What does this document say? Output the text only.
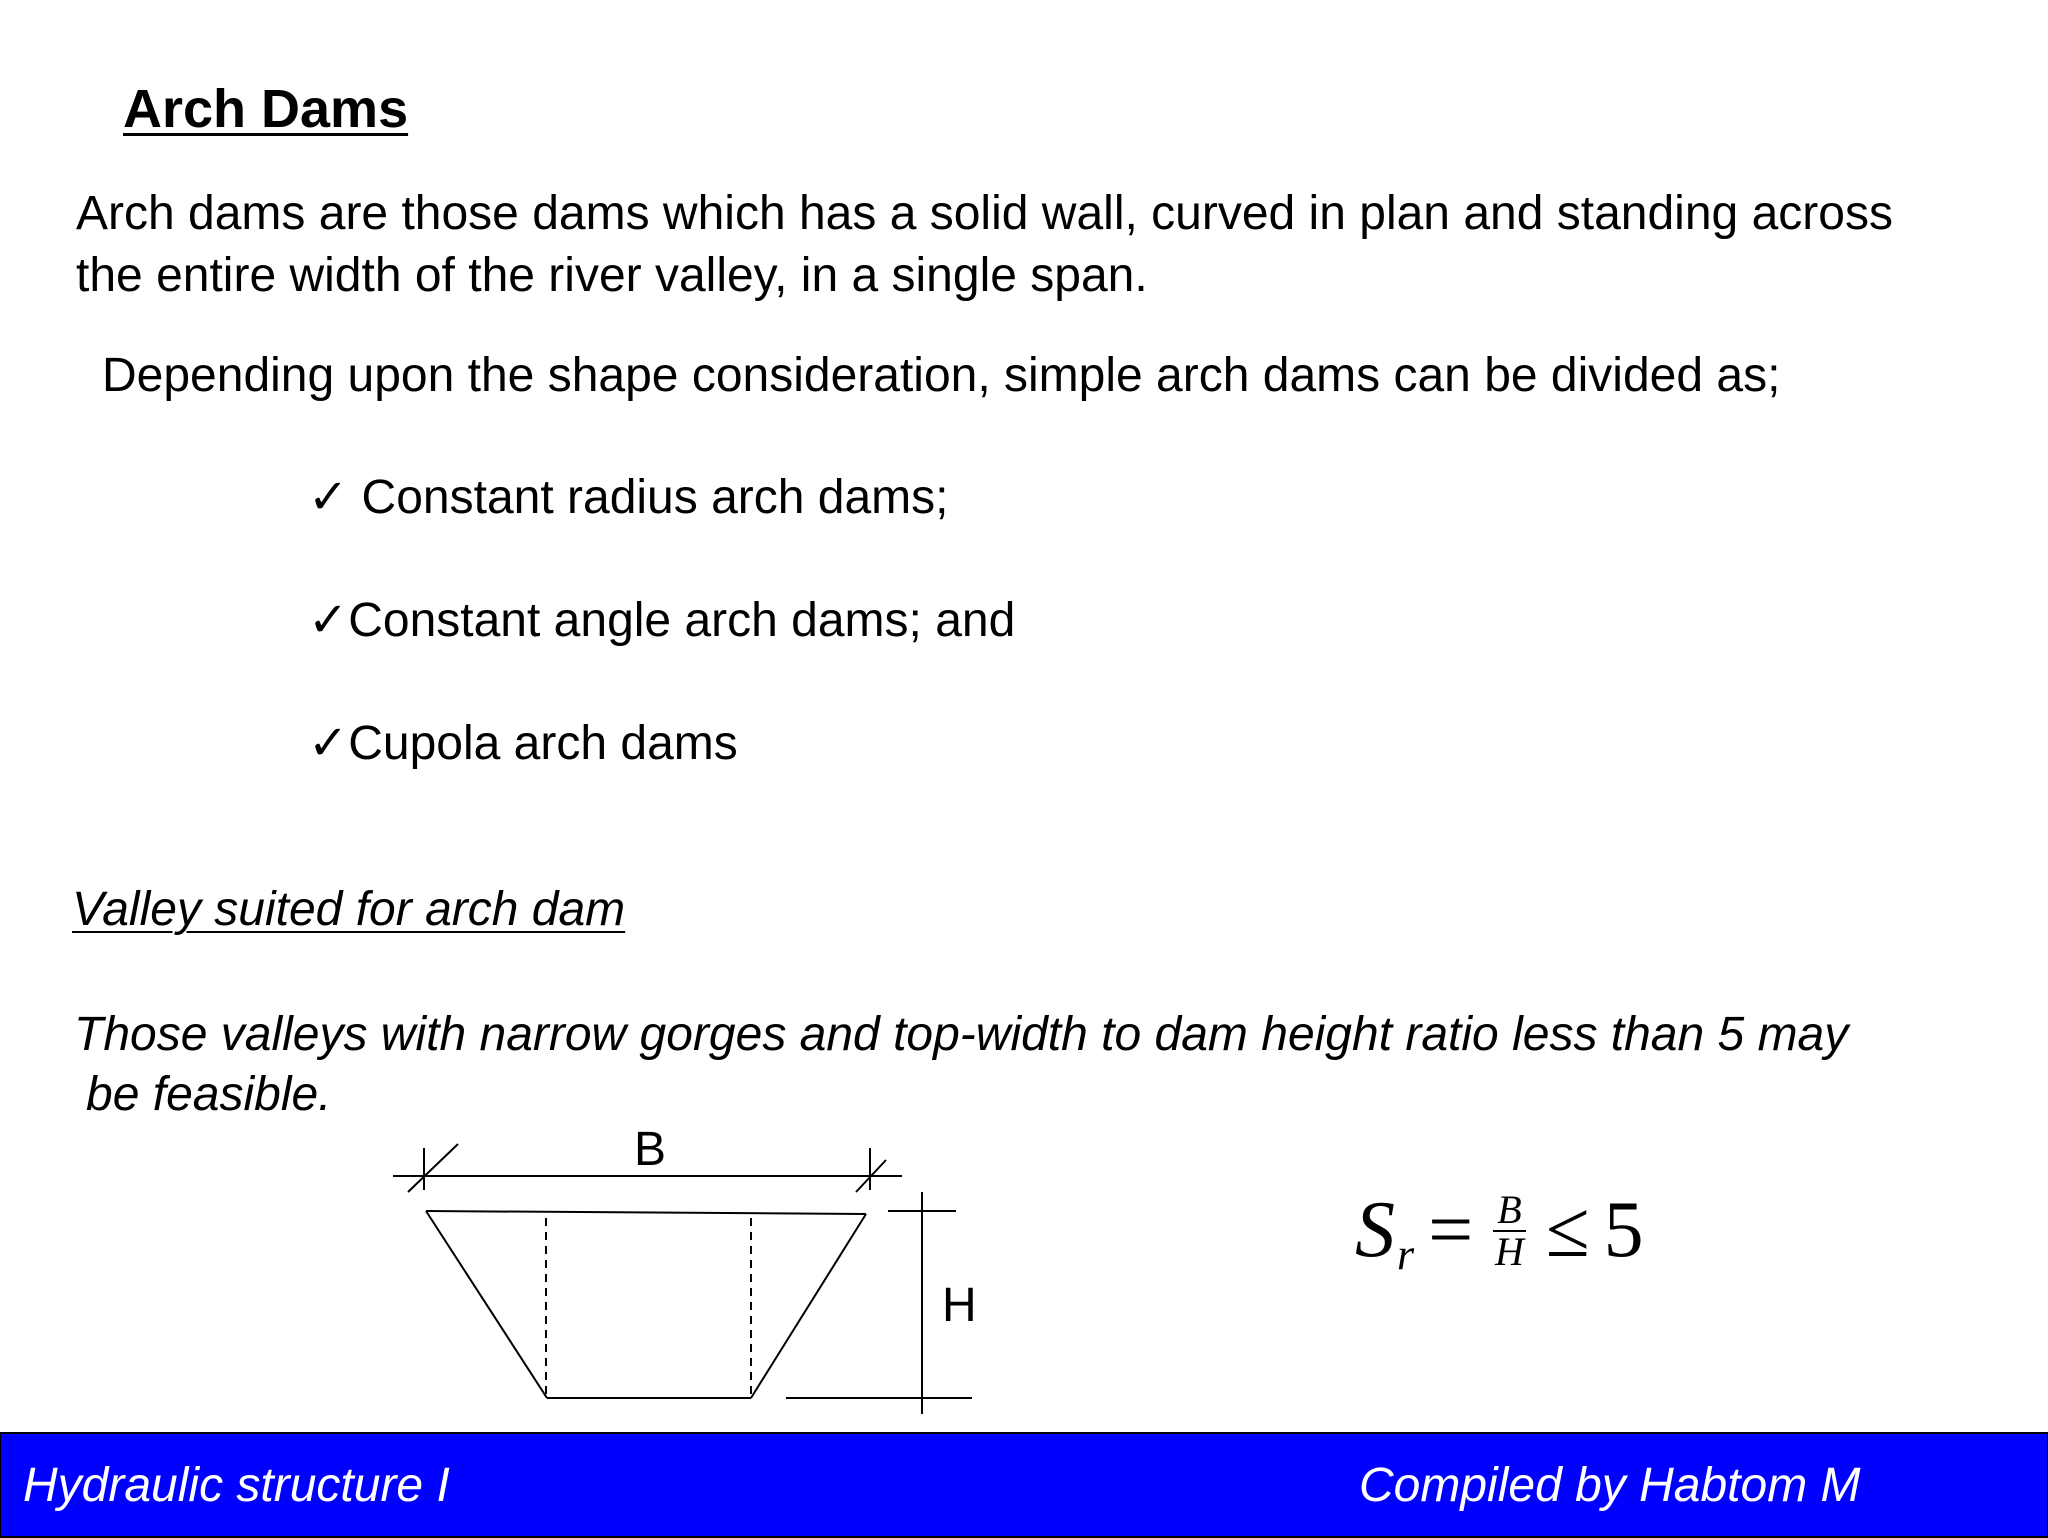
Arch Dams
Arch dams are those dams which has a solid wall, curved in plan and standing across
the entire width of the river valley, in a single span.
Depending upon the shape consideration, simple arch dams can be divided as;
✓ Constant radius arch dams;
✓Constant angle arch dams; and
✓Cupola arch dams
Valley suited for arch dam
Those valleys with narrow gorges and top-width to dam height ratio less than 5 may
be feasible.
B
H
S $r = \frac{B}{H} \le 5$
Hydraulic structure I	Compiled by Habtom M
